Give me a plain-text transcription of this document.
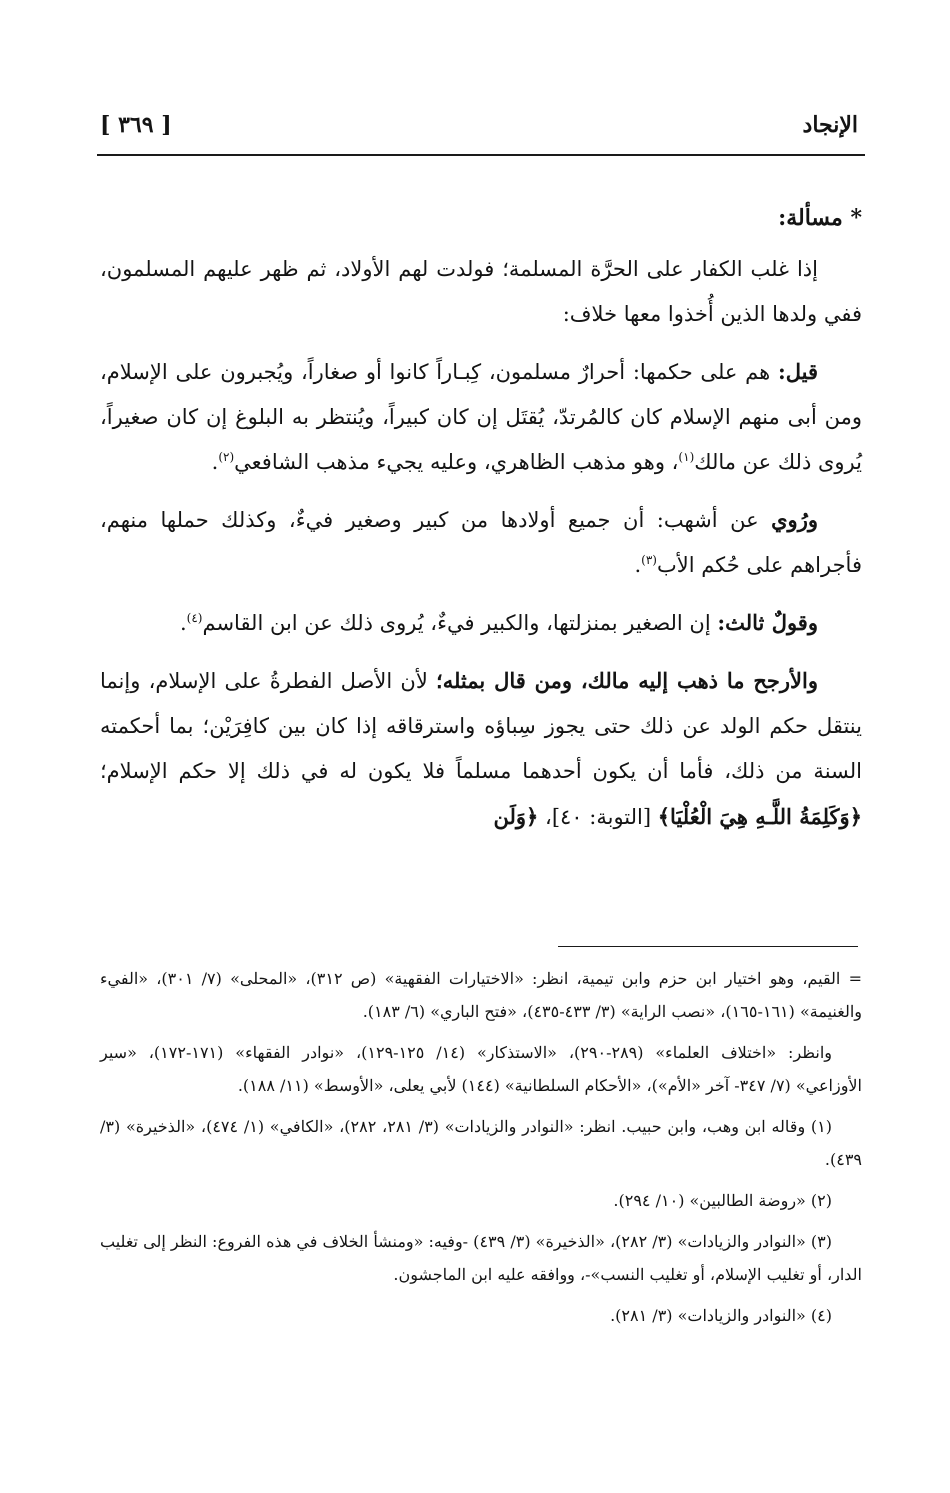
الإنجاد
[ ٣٦٩ ]

* مسألة:

إذا غلب الكفار على الحرَّة المسلمة؛ فولدت لهم الأولاد، ثم ظهر عليهم المسلمون، ففي ولدها الذين أُخذوا معها خلاف:

قيل: هم على حكمها: أحرارٌ مسلمون، كِبـاراً كانوا أو صغاراً، ويُجبرون على الإسلام، ومن أبى منهم الإسلام كان كالمُرتدّ، يُقتَل إن كان كبيراً، ويُنتظر به البلوغ إن كان صغيراً، يُروى ذلك عن مالك$^{(١)}$، وهو مذهب الظاهري، وعليه يجيء مذهب الشافعي$^{(٢)}$.

ورُوي عن أشهب: أن جميع أولادها من كبير وصغير فيءٌ، وكذلك حملها منهم، فأجراهم على حُكم الأب$^{(٣)}$.

وقولٌ ثالث: إن الصغير بمنزلتها، والكبير فيءٌ، يُروى ذلك عن ابن القاسم$^{(٤)}$.

والأرجح ما ذهب إليه مالك، ومن قال بمثله؛ لأن الأصل الفطرةُ على الإسلام، وإنما ينتقل حكم الولد عن ذلك حتى يجوز سِباؤه واسترقاقه إذا كان بين كافِرَيْن؛ بما أحكمته السنة من ذلك، فأما أن يكون أحدهما مسلماً فلا يكون له في ذلك إلا حكم الإسلام؛ ﴿وَكَلِمَةُ اللَّـهِ هِيَ الْعُلْيَا﴾ [التوبة: ٤٠]، ﴿وَلَن

= القيم، وهو اختيار ابن حزم وابن تيمية، انظر: «الاختيارات الفقهية» (ص ٣١٢)، «المحلى» (٧/ ٣٠١)، «الفيء والغنيمة» (١٦١-١٦٥)، «نصب الراية» (٣/ ٤٣٣-٤٣٥)، «فتح الباري» (٦/ ١٨٣).

وانظر: «اختلاف العلماء» (٢٨٩-٢٩٠)، «الاستذكار» (١٤/ ١٢٥-١٢٩)، «نوادر الفقهاء» (١٧١-١٧٢)، «سير الأوزاعي» (٧/ ٣٤٧- آخر «الأم»)، «الأحكام السلطانية» (١٤٤) لأبي يعلى، «الأوسط» (١١/ ١٨٨).

(١) وقاله ابن وهب، وابن حبيب. انظر: «النوادر والزيادات» (٣/ ٢٨١، ٢٨٢)، «الكافي» (١/ ٤٧٤)، «الذخيرة» (٣/ ٤٣٩).

(٢) «روضة الطالبين» (١٠/ ٢٩٤).

(٣) «النوادر والزيادات» (٣/ ٢٨٢)، «الذخيرة» (٣/ ٤٣٩) -وفيه: «ومنشأ الخلاف في هذه الفروع: النظر إلى تغليب الدار، أو تغليب الإسلام، أو تغليب النسب»-، ووافقه عليه ابن الماجشون.

(٤) «النوادر والزيادات» (٣/ ٢٨١).
